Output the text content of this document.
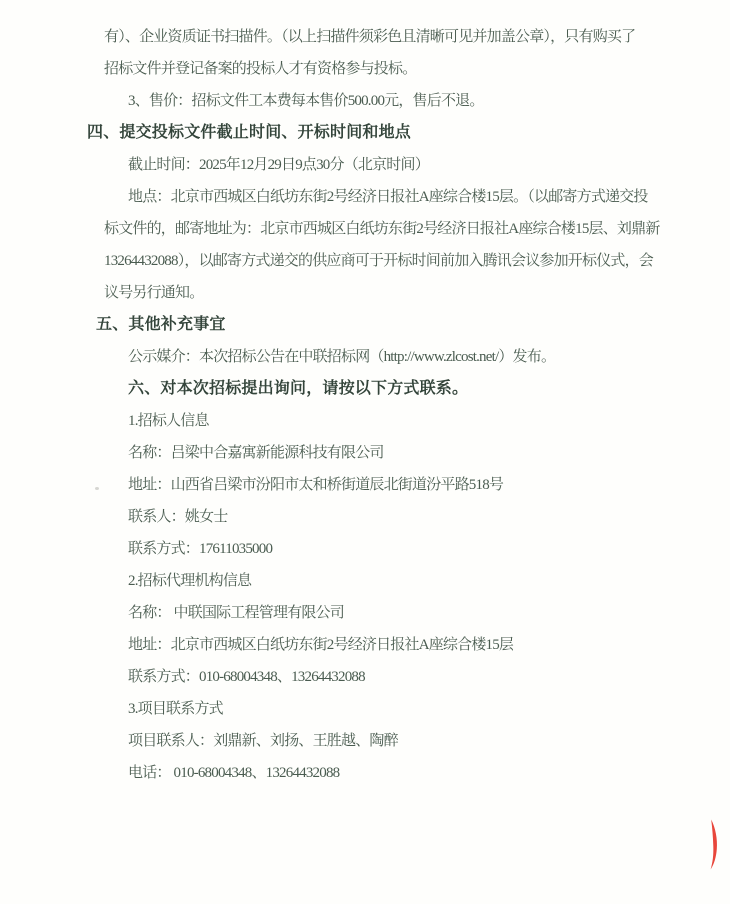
有）、企业资质证书扫描件。（以上扫描件须彩色且清晰可见并加盖公章），只有购买了
招标文件并登记备案的投标人才有资格参与投标。
3、售价：招标文件工本费每本售价500.00元，售后不退。
四、提交投标文件截止时间、开标时间和地点
截止时间：2025年12月29日9点30分（北京时间）
地点：北京市西城区白纸坊东街2号经济日报社A座综合楼15层。（以邮寄方式递交投
标文件的，邮寄地址为：北京市西城区白纸坊东街2号经济日报社A座综合楼15层、刘鼎新
13264432088），以邮寄方式递交的供应商可于开标时间前加入腾讯会议参加开标仪式，会
议号另行通知。
五、其他补充事宜
公示媒介：本次招标公告在中联招标网（http://www.zlcost.net/）发布。
六、对本次招标提出询问，请按以下方式联系。
1.招标人信息
名称：吕梁中合嘉寓新能源科技有限公司
地址：山西省吕梁市汾阳市太和桥街道辰北街道汾平路518号
联系人：姚女士
联系方式：17611035000
2.招标代理机构信息
名称： 中联国际工程管理有限公司
地址：北京市西城区白纸坊东街2号经济日报社A座综合楼15层
联系方式：010-68004348、13264432088
3.项目联系方式
项目联系人：刘鼎新、刘扬、王胜越、陶醉
电话： 010-68004348、13264432088
